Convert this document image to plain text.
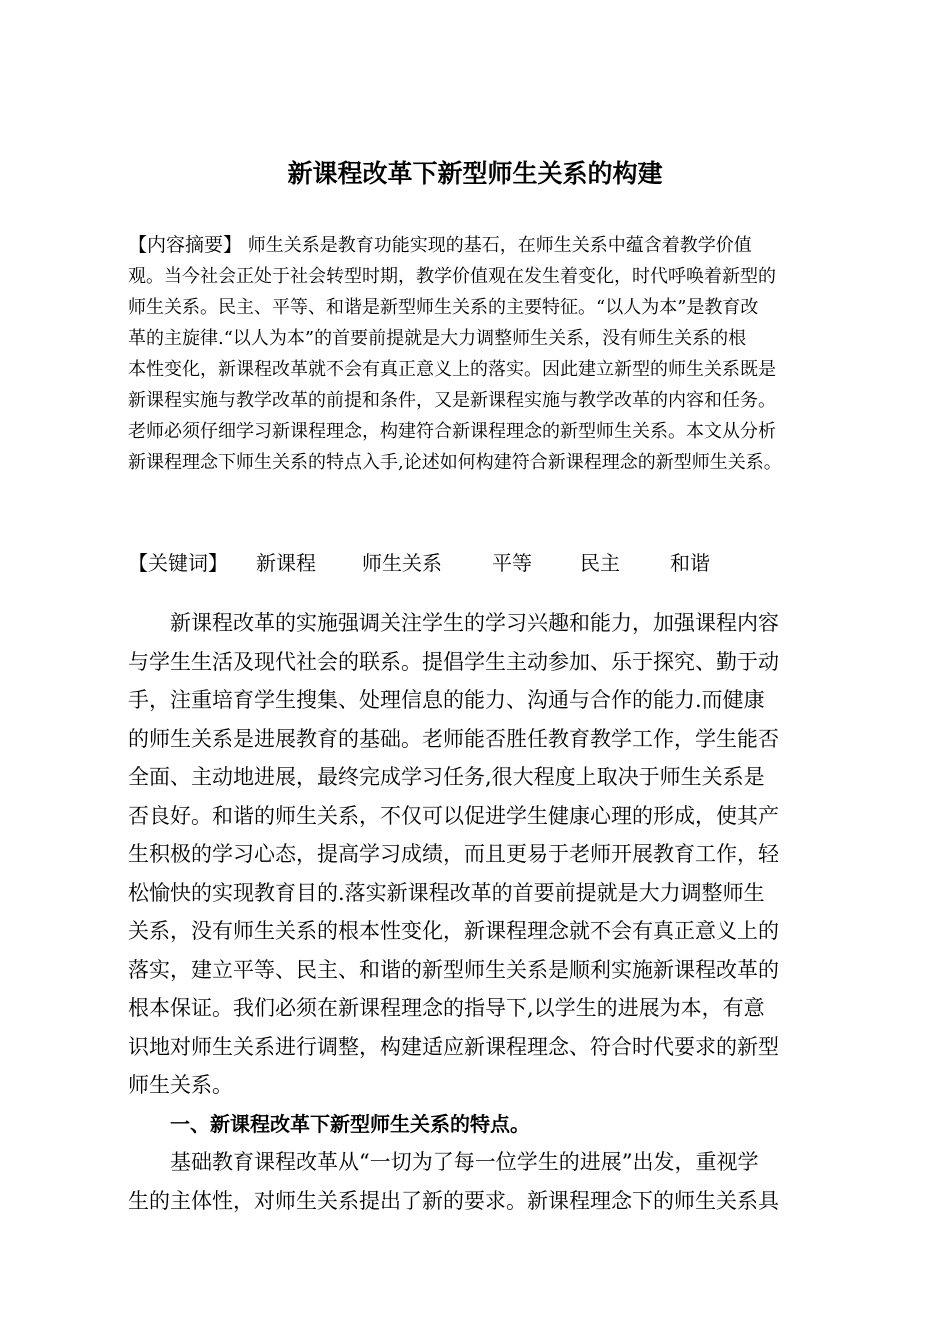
新课程改革下新型师生关系的构建
【内容摘要】 师生关系是教育功能实现的基石，在师生关系中蕴含着教学价值
观。当今社会正处于社会转型时期，教学价值观在发生着变化，时代呼唤着新型的
师生关系。民主、平等、和谐是新型师生关系的主要特征。“以人为本”是教育改
革的主旋律.“以人为本”的首要前提就是大力调整师生关系，没有师生关系的根
本性变化，新课程改革就不会有真正意义上的落实。因此建立新型的师生关系既是
新课程实施与教学改革的前提和条件，又是新课程实施与教学改革的内容和任务。
老师必须仔细学习新课程理念，构建符合新课程理念的新型师生关系。本文从分析
新课程理念下师生关系的特点入手,论述如何构建符合新课程理念的新型师生关系。
【关键词】 新课程 师生关系	平等 民主	和谐
新课程改革的实施强调关注学生的学习兴趣和能力，加强课程内容
与学生生活及现代社会的联系。提倡学生主动参加、乐于探究、勤于动
手，注重培育学生搜集、处理信息的能力、沟通与合作的能力.而健康
的师生关系是进展教育的基础。老师能否胜任教育教学工作，学生能否
全面、主动地进展，最终完成学习任务,很大程度上取决于师生关系是
否良好。和谐的师生关系，不仅可以促进学生健康心理的形成，使其产
生积极的学习心态，提高学习成绩，而且更易于老师开展教育工作，轻
松愉快的实现教育目的.落实新课程改革的首要前提就是大力调整师生
关系，没有师生关系的根本性变化，新课程理念就不会有真正意义上的
落实，建立平等、民主、和谐的新型师生关系是顺利实施新课程改革的
根本保证。我们必须在新课程理念的指导下,以学生的进展为本，有意
识地对师生关系进行调整，构建适应新课程理念、符合时代要求的新型
师生关系。
一、新课程改革下新型师生关系的特点。
基础教育课程改革从“一切为了每一位学生的进展”出发，重视学
生的主体性，对师生关系提出了新的要求。新课程理念下的师生关系具
